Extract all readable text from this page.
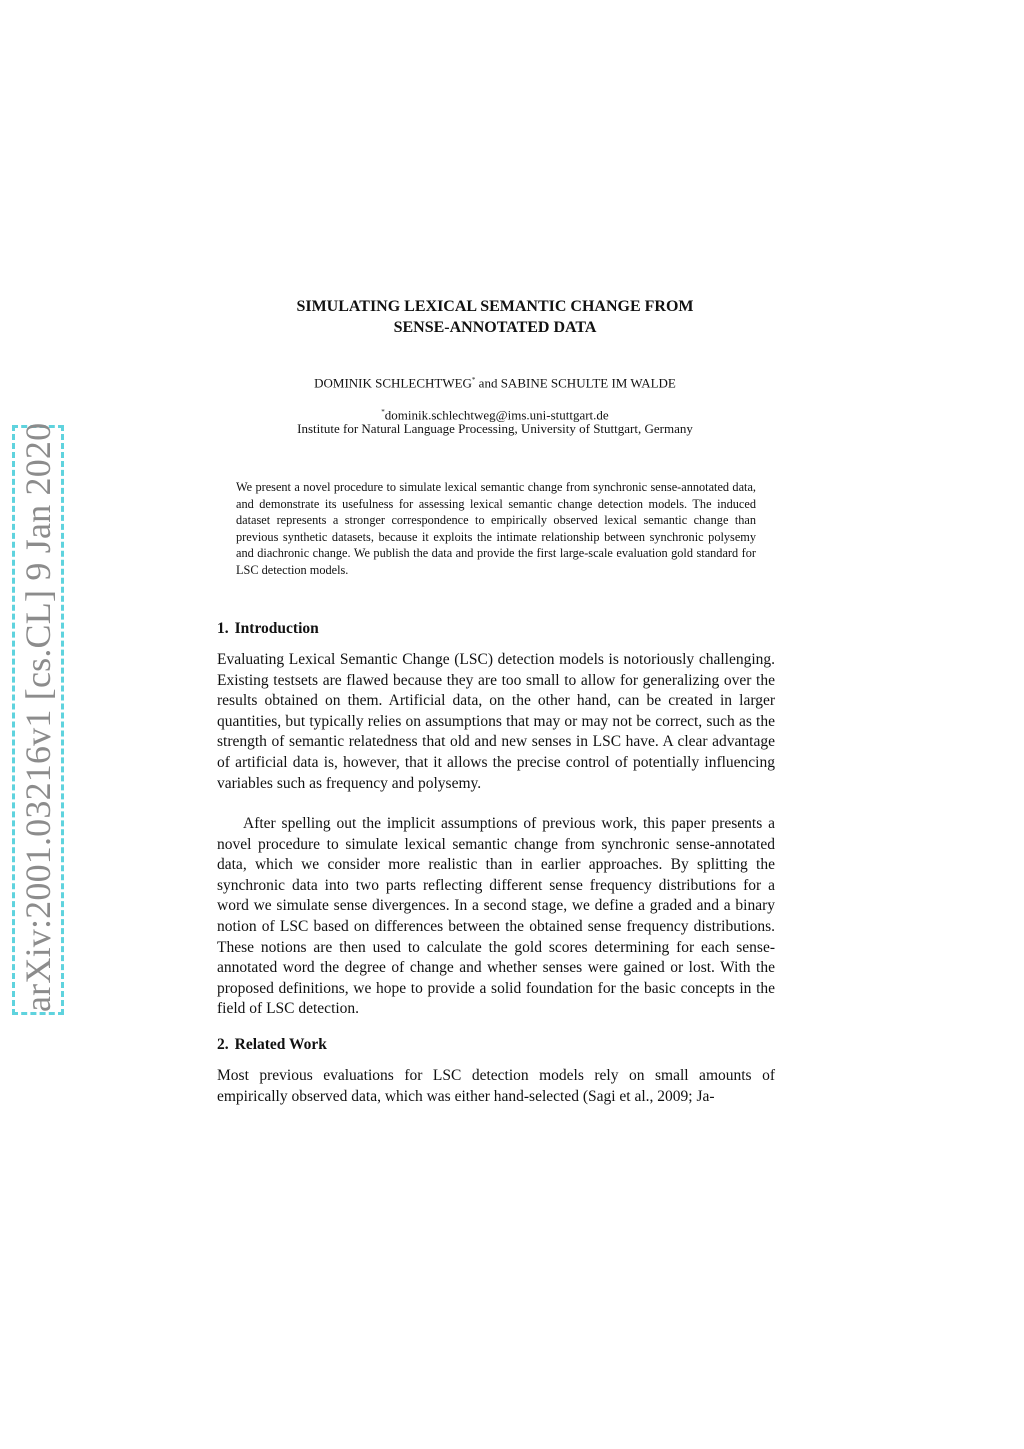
arXiv:2001.03216v1 [cs.CL] 9 Jan 2020
SIMULATING LEXICAL SEMANTIC CHANGE FROM
SENSE-ANNOTATED DATA
DOMINIK SCHLECHTWEG* and SABINE SCHULTE IM WALDE
*dominik.schlechtweg@ims.uni-stuttgart.de
Institute for Natural Language Processing, University of Stuttgart, Germany

We present a novel procedure to simulate lexical semantic change from synchronic sense-annotated data, and demonstrate its usefulness for assessing lexical semantic change detection models. The induced dataset represents a stronger correspondence to empirically observed lexical semantic change than previous synthetic datasets, because it exploits the intimate relationship between synchronic polysemy and diachronic change. We publish the data and provide the first large-scale evaluation gold standard for LSC detection models.

1. Introduction

Evaluating Lexical Semantic Change (LSC) detection models is notoriously challenging. Existing testsets are flawed because they are too small to allow for generalizing over the results obtained on them. Artificial data, on the other hand, can be created in larger quantities, but typically relies on assumptions that may or may not be correct, such as the strength of semantic relatedness that old and new senses in LSC have. A clear advantage of artificial data is, however, that it allows the precise control of potentially influencing variables such as frequency and polysemy.

After spelling out the implicit assumptions of previous work, this paper presents a novel procedure to simulate lexical semantic change from synchronic sense-annotated data, which we consider more realistic than in earlier approaches. By splitting the synchronic data into two parts reflecting different sense frequency distributions for a word we simulate sense divergences. In a second stage, we define a graded and a binary notion of LSC based on differences between the obtained sense frequency distributions. These notions are then used to calculate the gold scores determining for each sense-annotated word the degree of change and whether senses were gained or lost. With the proposed definitions, we hope to provide a solid foundation for the basic concepts in the field of LSC detection.

2. Related Work

Most previous evaluations for LSC detection models rely on small amounts of empirically observed data, which was either hand-selected (Sagi et al., 2009; Ja-
